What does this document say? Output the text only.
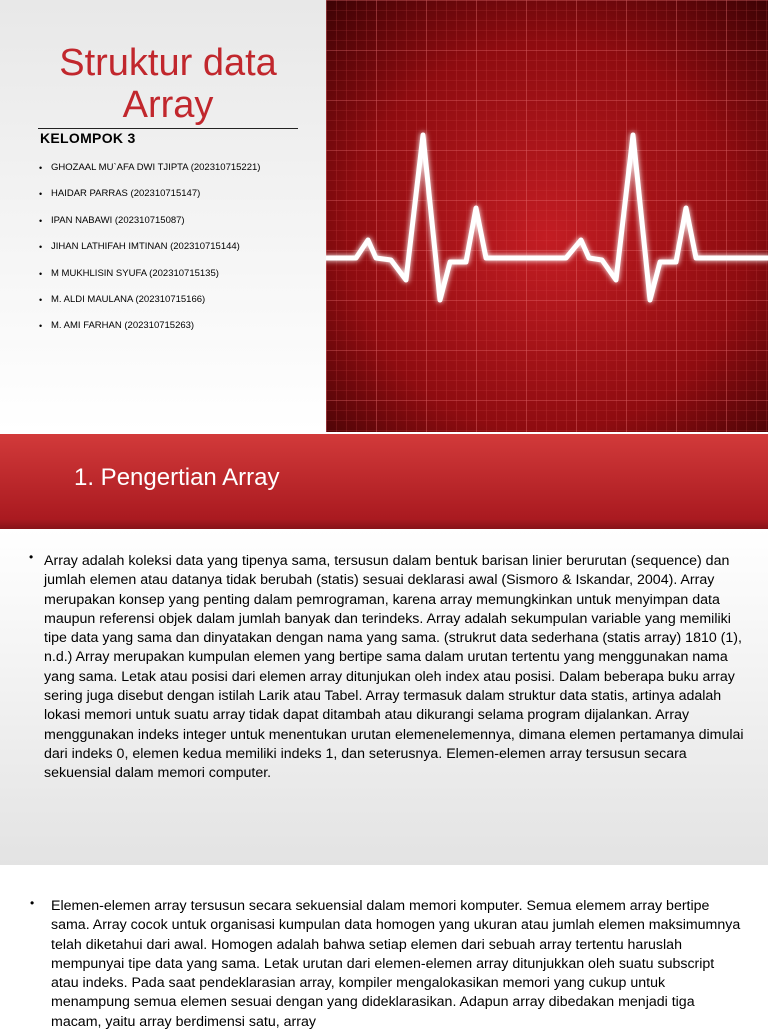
Struktur data Array
KELOMPOK 3
• GHOZAAL MU`AFA DWI TJIPTA (202310715221)
• HAIDAR PARRAS (202310715147)
• IPAN NABAWI (202310715087)
• JIHAN LATHIFAH IMTINAN (202310715144)
• M MUKHLISIN SYUFA (202310715135)
• M. ALDI MAULANA (202310715166)
• M. AMI FARHAN (202310715263)
1. Pengertian Array
• Array adalah koleksi data yang tipenya sama, tersusun dalam bentuk barisan linier berurutan (sequence) dan jumlah elemen atau datanya tidak berubah (statis) sesuai deklarasi awal (Sismoro & Iskandar, 2004). Array merupakan konsep yang penting dalam pemrograman, karena array memungkinkan untuk menyimpan data maupun referensi objek dalam jumlah banyak dan terindeks. Array adalah sekumpulan variable yang memiliki tipe data yang sama dan dinyatakan dengan nama yang sama. (strukrut data sederhana (statis array) 1810 (1), n.d.) Array merupakan kumpulan elemen yang bertipe sama dalam urutan tertentu yang menggunakan nama yang sama. Letak atau posisi dari elemen array ditunjukan oleh index atau posisi. Dalam beberapa buku array sering juga disebut dengan istilah Larik atau Tabel. Array termasuk dalam struktur data statis, artinya adalah lokasi memori untuk suatu array tidak dapat ditambah atau dikurangi selama program dijalankan. Array menggunakan indeks integer untuk menentukan urutan elemenelemennya, dimana elemen pertamanya dimulai dari indeks 0, elemen kedua memiliki indeks 1, dan seterusnya. Elemen-elemen array tersusun secara sekuensial dalam memori computer.
• Elemen-elemen array tersusun secara sekuensial dalam memori komputer. Semua elemem array bertipe sama. Array cocok untuk organisasi kumpulan data homogen yang ukuran atau jumlah elemen maksimumnya telah diketahui dari awal. Homogen adalah bahwa setiap elemen dari sebuah array tertentu haruslah mempunyai tipe data yang sama. Letak urutan dari elemen-elemen array ditunjukkan oleh suatu subscript atau indeks. Pada saat pendeklarasian array, kompiler mengalokasikan memori yang cukup untuk menampung semua elemen sesuai dengan yang dideklarasikan. Adapun array dibedakan menjadi tiga macam, yaitu array berdimensi satu, array
